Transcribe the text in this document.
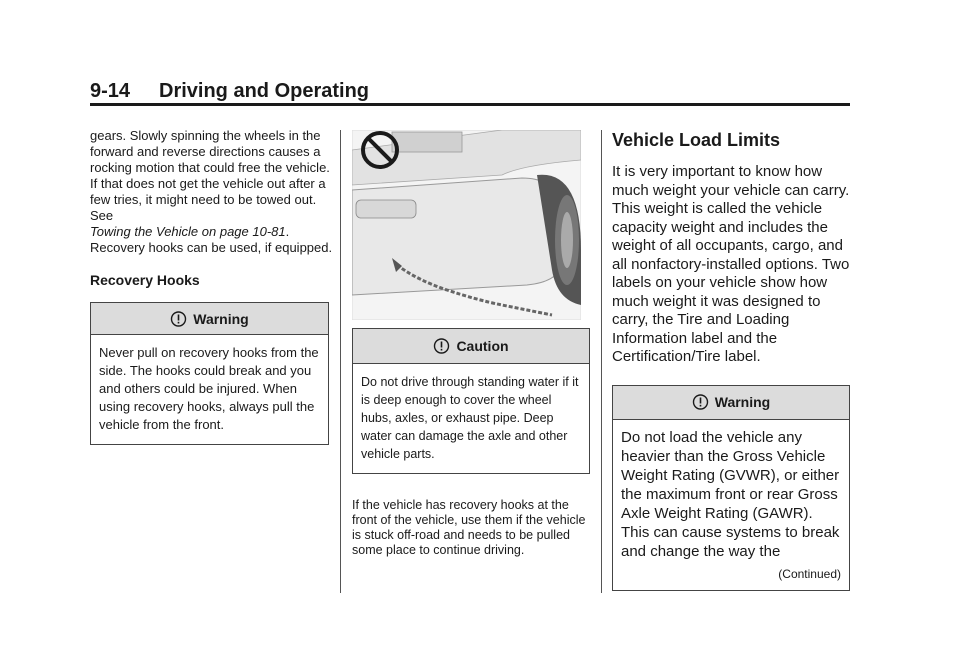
9-14 Driving and Operating

gears. Slowly spinning the wheels in the forward and reverse directions causes a rocking motion that could free the vehicle. If that does not get the vehicle out after a few tries, it might need to be towed out. See
Towing the Vehicle on page 10-81. Recovery hooks can be used, if equipped.

Recovery Hooks
Warning
Never pull on recovery hooks from the side. The hooks could break and you and others could be injured. When using recovery hooks, always pull the vehicle from the front.
Caution
Do not drive through standing water if it is deep enough to cover the wheel hubs, axles, or exhaust pipe. Deep water can damage the axle and other vehicle parts.

If the vehicle has recovery hooks at the front of the vehicle, use them if the vehicle is stuck off-road and needs to be pulled some place to continue driving.

Vehicle Load Limits

It is very important to know how much weight your vehicle can carry. This weight is called the vehicle capacity weight and includes the weight of all occupants, cargo, and all nonfactory-installed options. Two labels on your vehicle show how much weight it was designed to carry, the Tire and Loading Information label and the Certification/Tire label.

Warning
Do not load the vehicle any heavier than the Gross Vehicle Weight Rating (GVWR), or either the maximum front or rear Gross Axle Weight Rating (GAWR). This can cause systems to break and change the way the
(Continued)
